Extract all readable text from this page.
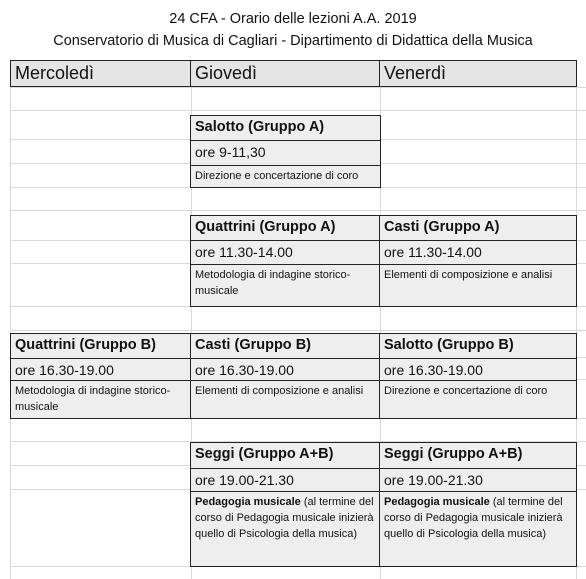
24 CFA - Orario delle lezioni A.A. 2019
Conservatorio di Musica di Cagliari - Dipartimento di Didattica della Musica
Mercoledì	Giovedì	Venerdì
Salotto (Gruppo A)
ore 9-11,30
Direzione e concertazione di coro
Quattrini (Gruppo A)
ore 11.30-14.00
Metodologia di indagine storico-musicale
Casti (Gruppo A)
ore 11.30-14.00
Elementi di composizione e analisi
Quattrini (Gruppo B)
ore 16.30-19.00
Metodologia di indagine storico-musicale
Casti (Gruppo B)
ore 16.30-19.00
Elementi di composizione e analisi
Salotto (Gruppo B)
ore 16.30-19.00
Direzione e concertazione di coro
Seggi (Gruppo A+B)
ore 19.00-21.30
Pedagogia musicale (al termine del corso di Pedagogia musicale inizierà quello di Psicologia della musica)
Seggi (Gruppo A+B)
ore 19.00-21.30
Pedagogia musicale (al termine del corso di Pedagogia musicale inizierà quello di Psicologia della musica)
